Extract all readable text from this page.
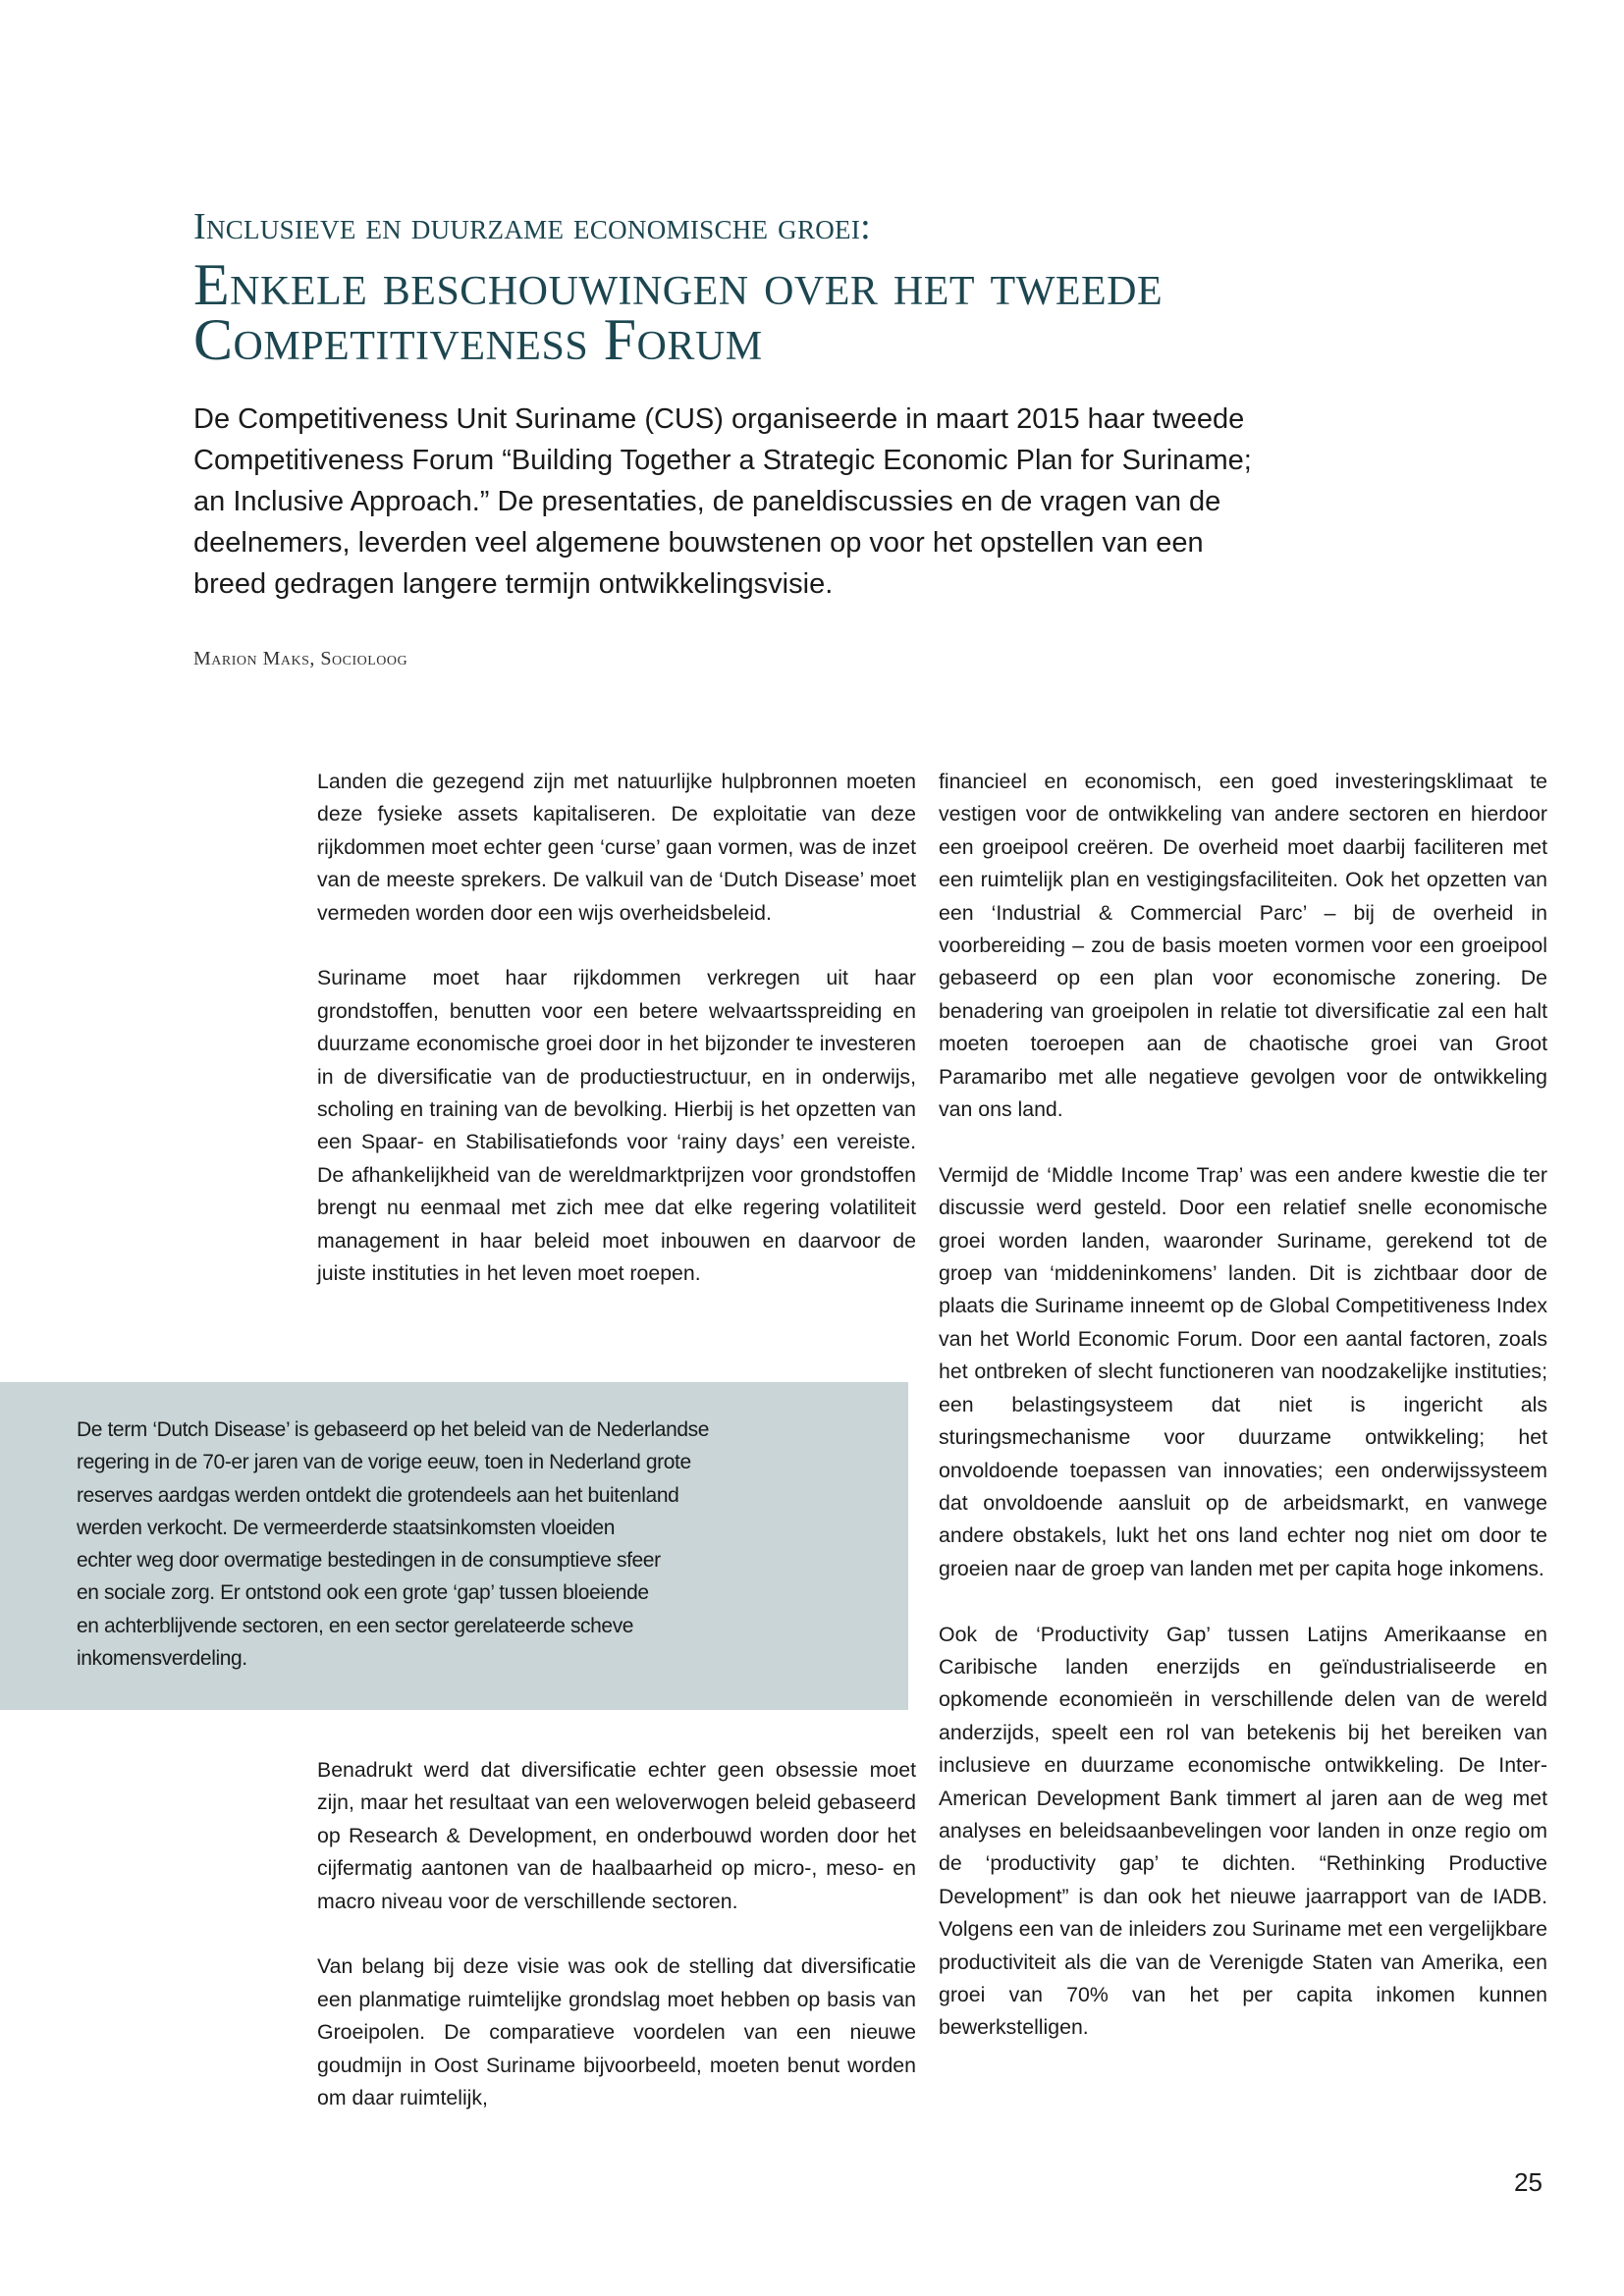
Inclusieve en duurzame economische groei:
Enkele beschouwingen over het tweede
Competitiveness Forum
De Competitiveness Unit Suriname (CUS) organiseerde in maart 2015 haar tweede
Competitiveness Forum “Building Together a Strategic Economic Plan for Suriname;
an Inclusive Approach.” De presentaties, de paneldiscussies en de vragen van de
deelnemers, leverden veel algemene bouwstenen op voor het opstellen van een
breed gedragen langere termijn ontwikkelingsvisie.
Marion Maks, Socioloog

Landen die gezegend zijn met natuurlijke hulpbronnen moeten deze fysieke assets kapitaliseren. De exploitatie van deze rijkdommen moet echter geen ‘curse’ gaan vormen, was de inzet van de meeste sprekers. De valkuil van de ‘Dutch Disease’ moet vermeden worden door een wijs overheidsbeleid.

Suriname moet haar rijkdommen verkregen uit haar grondstoffen, benutten voor een betere welvaartsspreiding en duurzame economische groei door in het bijzonder te investeren in de diversificatie van de productiestructuur, en in onderwijs, scholing en training van de bevolking. Hierbij is het opzetten van een Spaar- en Stabilisatiefonds voor ‘rainy days’ een vereiste. De afhankelijkheid van de wereldmarktprijzen voor grondstoffen brengt nu eenmaal met zich mee dat elke regering volatiliteit management in haar beleid moet inbouwen en daarvoor de juiste instituties in het leven moet roepen.

De term ‘Dutch Disease’ is gebaseerd op het beleid van de Nederlandse
regering in de 70-er jaren van de vorige eeuw, toen in Nederland grote
reserves aardgas werden ontdekt die grotendeels aan het buitenland
werden verkocht. De vermeerderde staatsinkomsten vloeiden
echter weg door overmatige bestedingen in de consumptieve sfeer
en sociale zorg. Er ontstond ook een grote ‘gap’ tussen bloeiende
en achterblijvende sectoren, en een sector gerelateerde scheve
inkomensverdeling.

Benadrukt werd dat diversificatie echter geen obsessie moet zijn, maar het resultaat van een weloverwogen beleid gebaseerd op Research & Development, en onderbouwd worden door het cijfermatig aantonen van de haalbaarheid op micro-, meso- en macro niveau voor de verschillende sectoren.

Van belang bij deze visie was ook de stelling dat diversificatie een planmatige ruimtelijke grondslag moet hebben op basis van Groeipolen. De comparatieve voordelen van een nieuwe goudmijn in Oost Suriname bijvoorbeeld, moeten benut worden om daar ruimtelijk,

financieel en economisch, een goed investeringsklimaat te vestigen voor de ontwikkeling van andere sectoren en hierdoor een groeipool creëren. De overheid moet daarbij faciliteren met een ruimtelijk plan en vestigingsfaciliteiten. Ook het opzetten van een ‘Industrial & Commercial Parc’ – bij de overheid in voorbereiding – zou de basis moeten vormen voor een groeipool gebaseerd op een plan voor economische zonering. De benadering van groeipolen in relatie tot diversificatie zal een halt moeten toeroepen aan de chaotische groei van Groot Paramaribo met alle negatieve gevolgen voor de ontwikkeling van ons land.

Vermijd de ‘Middle Income Trap’ was een andere kwestie die ter discussie werd gesteld. Door een relatief snelle economische groei worden landen, waaronder Suriname, gerekend tot de groep van ‘middeninkomens’ landen. Dit is zichtbaar door de plaats die Suriname inneemt op de Global Competitiveness Index van het World Economic Forum. Door een aantal factoren, zoals het ontbreken of slecht functioneren van noodzakelijke instituties; een belastingsysteem dat niet is ingericht als sturingsmechanisme voor duurzame ontwikkeling; het onvoldoende toepassen van innovaties; een onderwijssysteem dat onvoldoende aansluit op de arbeidsmarkt, en vanwege andere obstakels, lukt het ons land echter nog niet om door te groeien naar de groep van landen met per capita hoge inkomens.

Ook de ‘Productivity Gap’ tussen Latijns Amerikaanse en Caribische landen enerzijds en geïndustrialiseerde en opkomende economieën in verschillende delen van de wereld anderzijds, speelt een rol van betekenis bij het bereiken van inclusieve en duurzame economische ontwikkeling. De Inter-American Development Bank timmert al jaren aan de weg met analyses en beleidsaanbevelingen voor landen in onze regio om de ‘productivity gap’ te dichten. “Rethinking Productive Development” is dan ook het nieuwe jaarrapport van de IADB. Volgens een van de inleiders zou Suriname met een vergelijkbare productiviteit als die van de Verenigde Staten van Amerika, een groei van 70% van het per capita inkomen kunnen bewerkstelligen.

25
